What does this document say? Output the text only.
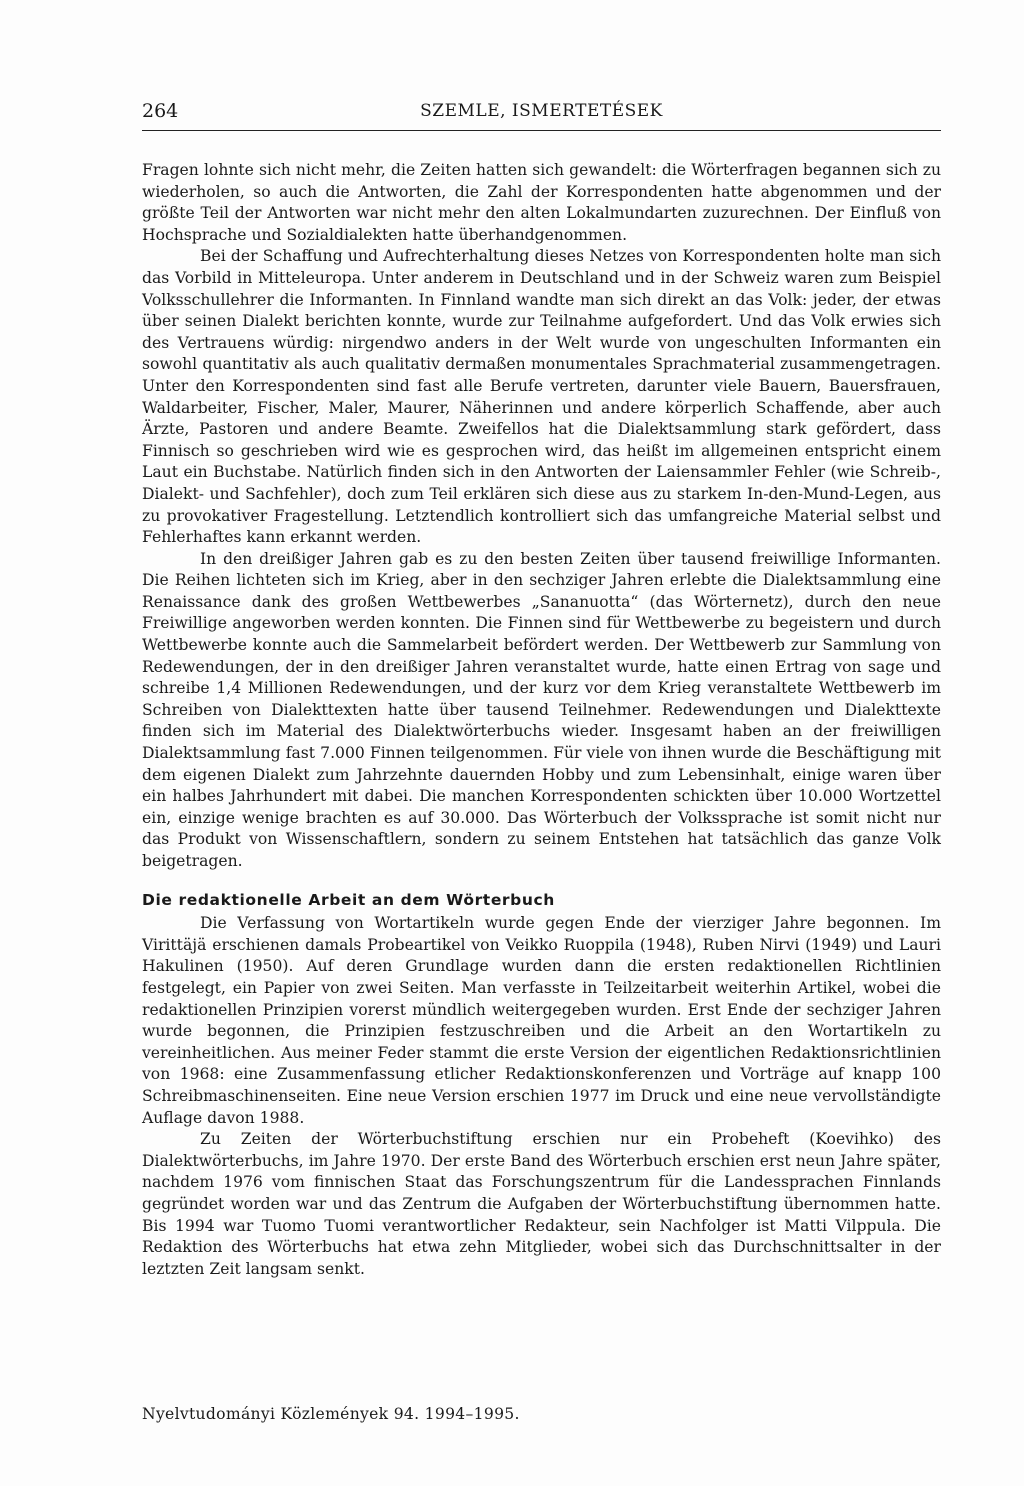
264	SZEMLE, ISMERTETÉSEK

Fragen lohnte sich nicht mehr, die Zeiten hatten sich gewandelt: die Wörterfragen begannen sich zu wiederholen, so auch die Antworten, die Zahl der Korrespondenten hatte abgenommen und der größte Teil der Antworten war nicht mehr den alten Lokalmundarten zuzurechnen. Der Einfluß von Hochsprache und Sozialdialekten hatte überhandgenommen.

Bei der Schaffung und Aufrechterhaltung dieses Netzes von Korrespondenten holte man sich das Vorbild in Mitteleuropa. Unter anderem in Deutschland und in der Schweiz waren zum Beispiel Volksschullehrer die Informanten. In Finnland wandte man sich direkt an das Volk: jeder, der etwas über seinen Dialekt berichten konnte, wurde zur Teilnahme aufgefordert. Und das Volk erwies sich des Vertrauens würdig: nirgendwo anders in der Welt wurde von ungeschulten Informanten ein sowohl quantitativ als auch qualitativ dermaßen monumentales Sprachmaterial zusammengetragen. Unter den Korrespondenten sind fast alle Berufe vertreten, darunter viele Bauern, Bauersfrauen, Waldarbeiter, Fischer, Maler, Maurer, Näherinnen und andere körperlich Schaffende, aber auch Ärzte, Pastoren und andere Beamte. Zweifellos hat die Dialektsammlung stark gefördert, dass Finnisch so geschrieben wird wie es gesprochen wird, das heißt im allgemeinen entspricht einem Laut ein Buchstabe. Natürlich finden sich in den Antworten der Laiensammler Fehler (wie Schreib-, Dialekt- und Sachfehler), doch zum Teil erklären sich diese aus zu starkem In-den-Mund-Legen, aus zu provokativer Fragestellung. Letztendlich kontrolliert sich das umfangreiche Material selbst und Fehlerhaftes kann erkannt werden.

In den dreißiger Jahren gab es zu den besten Zeiten über tausend freiwillige Informanten. Die Reihen lichteten sich im Krieg, aber in den sechziger Jahren erlebte die Dialektsammlung eine Renaissance dank des großen Wettbewerbes „Sananuotta“ (das Wörternetz), durch den neue Freiwillige angeworben werden konnten. Die Finnen sind für Wettbewerbe zu begeistern und durch Wettbewerbe konnte auch die Sammelarbeit befördert werden. Der Wettbewerb zur Sammlung von Redewendungen, der in den dreißiger Jahren veranstaltet wurde, hatte einen Ertrag von sage und schreibe 1,4 Millionen Redewendungen, und der kurz vor dem Krieg veranstaltete Wettbewerb im Schreiben von Dialekttexten hatte über tausend Teilnehmer. Redewendungen und Dialekttexte finden sich im Material des Dialektwörterbuchs wieder. Insgesamt haben an der freiwilligen Dialektsammlung fast 7.000 Finnen teilgenommen. Für viele von ihnen wurde die Beschäftigung mit dem eigenen Dialekt zum Jahrzehnte dauernden Hobby und zum Lebensinhalt, einige waren über ein halbes Jahrhundert mit dabei. Die manchen Korrespondenten schickten über 10.000 Wortzettel ein, einzige wenige brachten es auf 30.000. Das Wörterbuch der Volkssprache ist somit nicht nur das Produkt von Wissenschaftlern, sondern zu seinem Entstehen hat tatsächlich das ganze Volk beigetragen.

Die redaktionelle Arbeit an dem Wörterbuch

Die Verfassung von Wortartikeln wurde gegen Ende der vierziger Jahre begonnen. Im Virittäjä erschienen damals Probeartikel von Veikko Ruoppila (1948), Ruben Nirvi (1949) und Lauri Hakulinen (1950). Auf deren Grundlage wurden dann die ersten redaktionellen Richtlinien festgelegt, ein Papier von zwei Seiten. Man verfasste in Teilzeitarbeit weiterhin Artikel, wobei die redaktionellen Prinzipien vorerst mündlich weitergegeben wurden. Erst Ende der sechziger Jahren wurde begonnen, die Prinzipien festzuschreiben und die Arbeit an den Wortartikeln zu vereinheitlichen. Aus meiner Feder stammt die erste Version der eigentlichen Redaktionsrichtlinien von 1968: eine Zusammenfassung etlicher Redaktionskonferenzen und Vorträge auf knapp 100 Schreibmaschinenseiten. Eine neue Version erschien 1977 im Druck und eine neue vervollständigte Auflage davon 1988.

Zu Zeiten der Wörterbuchstiftung erschien nur ein Probeheft (Koevihko) des Dialektwörterbuchs, im Jahre 1970. Der erste Band des Wörterbuch erschien erst neun Jahre später, nachdem 1976 vom finnischen Staat das Forschungszentrum für die Landessprachen Finnlands gegründet worden war und das Zentrum die Aufgaben der Wörterbuchstiftung übernommen hatte. Bis 1994 war Tuomo Tuomi verantwortlicher Redakteur, sein Nachfolger ist Matti Vilppula. Die Redaktion des Wörterbuchs hat etwa zehn Mitglieder, wobei sich das Durchschnittsalter in der leztzten Zeit langsam senkt.

Nyelvtudományi Közlemények 94. 1994–1995.
